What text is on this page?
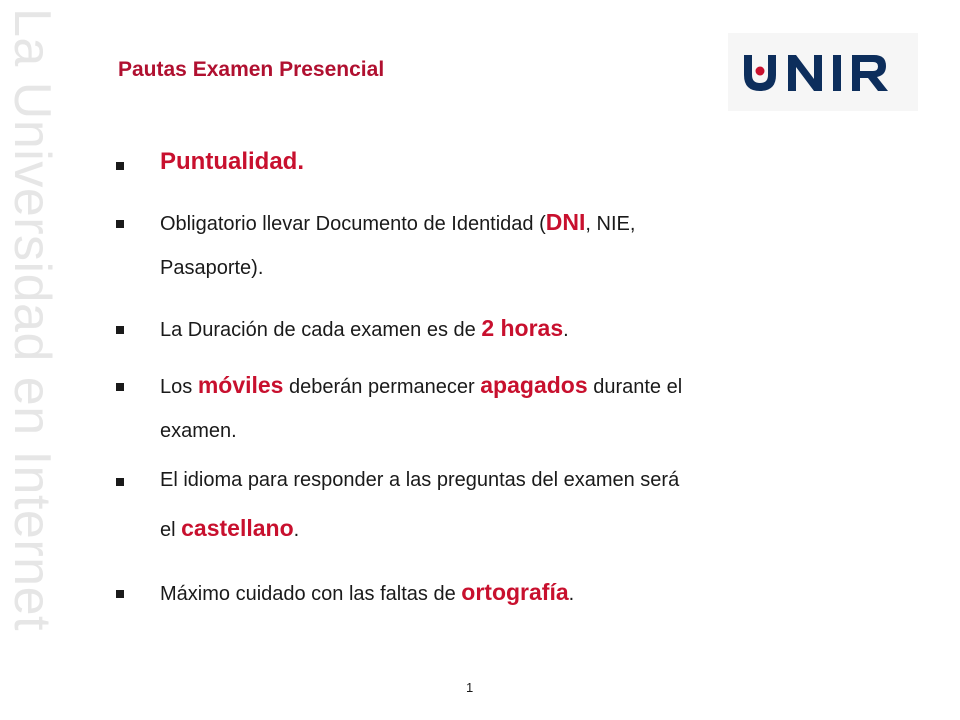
La Universidad en Internet	Pautas Examen Presencial
Puntualidad.
Obligatorio llevar Documento de Identidad (DNI, NIE,
Pasaporte).
La Duración de cada examen es de 2 horas.
Los móviles deberán permanecer apagados durante el
examen.
El idioma para responder a las preguntas del examen será
el castellano.
Máximo cuidado con las faltas de ortografía.
1
